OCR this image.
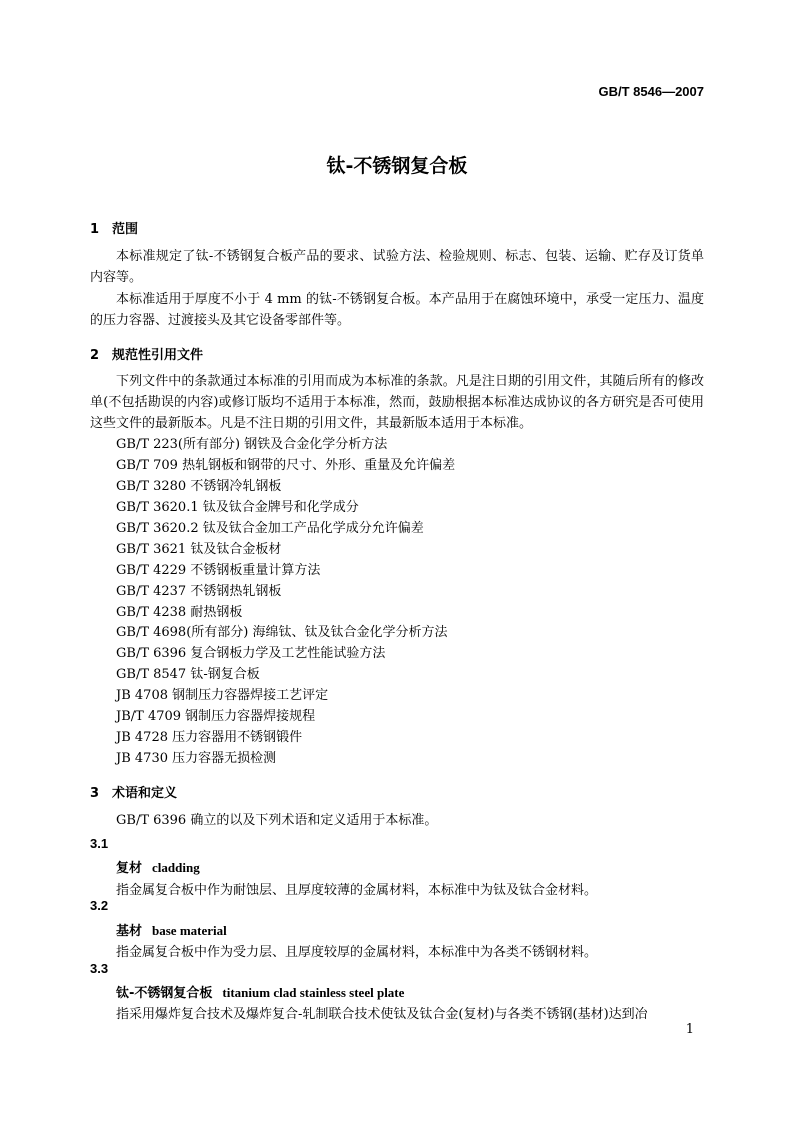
GB/T 8546—2007
钛-不锈钢复合板
1 范围
本标准规定了钛-不锈钢复合板产品的要求、试验方法、检验规则、标志、包装、运输、贮存及订货单内容等。
本标准适用于厚度不小于 4 mm 的钛-不锈钢复合板。本产品用于在腐蚀环境中，承受一定压力、温度的压力容器、过渡接头及其它设备零部件等。
2 规范性引用文件
下列文件中的条款通过本标准的引用而成为本标准的条款。凡是注日期的引用文件，其随后所有的修改单(不包括勘误的内容)或修订版均不适用于本标准，然而，鼓励根据本标准达成协议的各方研究是否可使用这些文件的最新版本。凡是不注日期的引用文件，其最新版本适用于本标准。
GB/T 223(所有部分) 钢铁及合金化学分析方法
GB/T 709 热轧钢板和钢带的尺寸、外形、重量及允许偏差
GB/T 3280 不锈钢冷轧钢板
GB/T 3620.1 钛及钛合金牌号和化学成分
GB/T 3620.2 钛及钛合金加工产品化学成分允许偏差
GB/T 3621 钛及钛合金板材
GB/T 4229 不锈钢板重量计算方法
GB/T 4237 不锈钢热轧钢板
GB/T 4238 耐热钢板
GB/T 4698(所有部分) 海绵钛、钛及钛合金化学分析方法
GB/T 6396 复合钢板力学及工艺性能试验方法
GB/T 8547 钛-钢复合板
JB 4708 钢制压力容器焊接工艺评定
JB/T 4709 钢制压力容器焊接规程
JB 4728 压力容器用不锈钢锻件
JB 4730 压力容器无损检测
3 术语和定义
GB/T 6396 确立的以及下列术语和定义适用于本标准。
3.1
复材 cladding
指金属复合板中作为耐蚀层、且厚度较薄的金属材料，本标准中为钛及钛合金材料。
3.2
基材 base material
指金属复合板中作为受力层、且厚度较厚的金属材料，本标准中为各类不锈钢材料。
3.3
钛-不锈钢复合板 titanium clad stainless steel plate
指采用爆炸复合技术及爆炸复合-轧制联合技术使钛及钛合金(复材)与各类不锈钢(基材)达到冶
1
